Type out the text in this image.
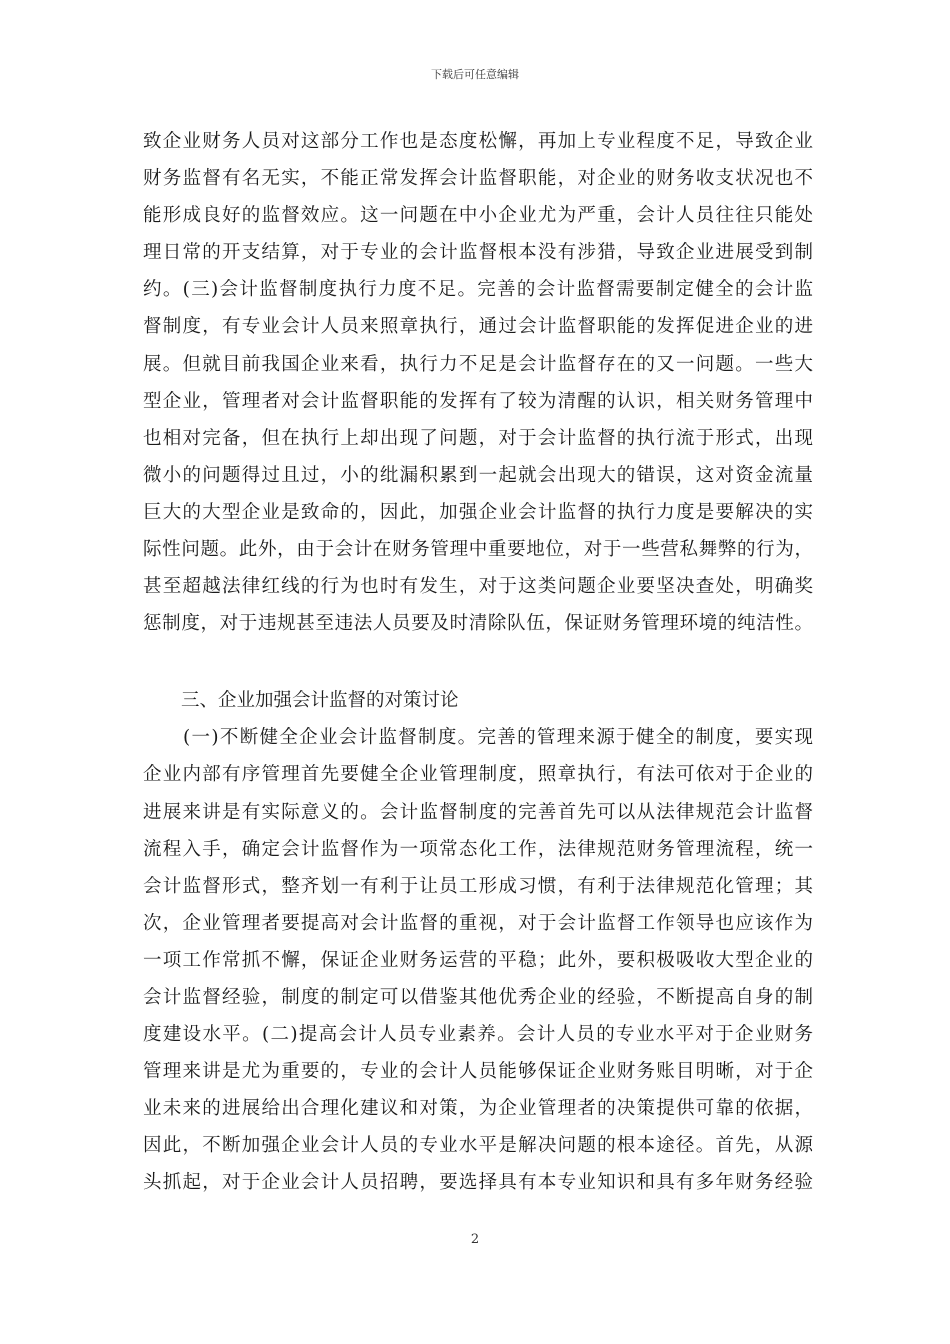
下载后可任意编辑
致企业财务人员对这部分工作也是态度松懈，再加上专业程度不足，导致企业
财务监督有名无实，不能正常发挥会计监督职能，对企业的财务收支状况也不
能形成良好的监督效应。这一问题在中小企业尤为严重，会计人员往往只能处
理日常的开支结算，对于专业的会计监督根本没有涉猎，导致企业进展受到制
约。(三)会计监督制度执行力度不足。完善的会计监督需要制定健全的会计监
督制度，有专业会计人员来照章执行，通过会计监督职能的发挥促进企业的进
展。但就目前我国企业来看，执行力不足是会计监督存在的又一问题。一些大
型企业，管理者对会计监督职能的发挥有了较为清醒的认识，相关财务管理中
也相对完备，但在执行上却出现了问题，对于会计监督的执行流于形式，出现
微小的问题得过且过，小的纰漏积累到一起就会出现大的错误，这对资金流量
巨大的大型企业是致命的，因此，加强企业会计监督的执行力度是要解决的实
际性问题。此外，由于会计在财务管理中重要地位，对于一些营私舞弊的行为，
甚至超越法律红线的行为也时有发生，对于这类问题企业要坚决查处，明确奖
惩制度，对于违规甚至违法人员要及时清除队伍，保证财务管理环境的纯洁性。
三、企业加强会计监督的对策讨论
(一)不断健全企业会计监督制度。完善的管理来源于健全的制度，要实现
企业内部有序管理首先要健全企业管理制度，照章执行，有法可依对于企业的
进展来讲是有实际意义的。会计监督制度的完善首先可以从法律规范会计监督
流程入手，确定会计监督作为一项常态化工作，法律规范财务管理流程，统一
会计监督形式，整齐划一有利于让员工形成习惯，有利于法律规范化管理；其
次，企业管理者要提高对会计监督的重视，对于会计监督工作领导也应该作为
一项工作常抓不懈，保证企业财务运营的平稳；此外，要积极吸收大型企业的
会计监督经验，制度的制定可以借鉴其他优秀企业的经验，不断提高自身的制
度建设水平。(二)提高会计人员专业素养。会计人员的专业水平对于企业财务
管理来讲是尤为重要的，专业的会计人员能够保证企业财务账目明晰，对于企
业未来的进展给出合理化建议和对策，为企业管理者的决策提供可靠的依据，
因此，不断加强企业会计人员的专业水平是解决问题的根本途径。首先，从源
头抓起，对于企业会计人员招聘，要选择具有本专业知识和具有多年财务经验
2
